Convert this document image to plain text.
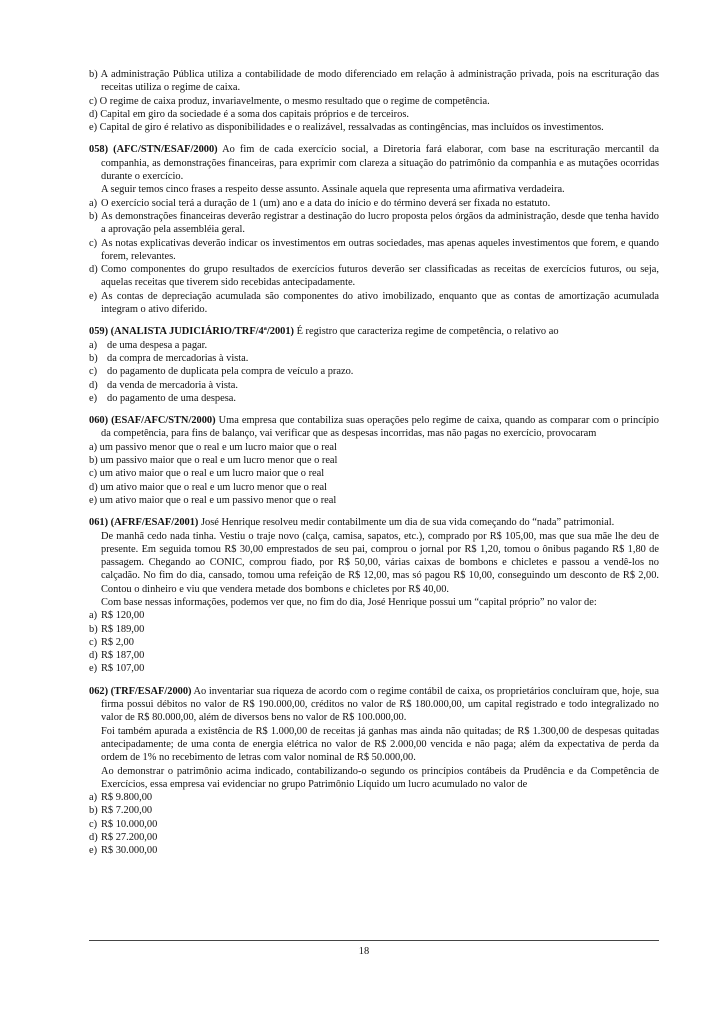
b) A administração Pública utiliza a contabilidade de modo diferenciado em relação à administração privada, pois na escrituração das receitas utiliza o regime de caixa.

c) O regime de caixa produz, invariavelmente, o mesmo resultado que o regime de competência.

d) Capital em giro da sociedade é a soma dos capitais próprios e de terceiros.

e) Capital de giro é relativo as disponibilidades e o realizável, ressalvadas as contingências, mas incluídos os investimentos.

058) (AFC/STN/ESAF/2000) Ao fim de cada exercício social, a Diretoria fará elaborar, com base na escrituração mercantil da companhia, as demonstrações financeiras, para exprimir com clareza a situação do patrimônio da companhia e as mutações ocorridas durante o exercício.

A seguir temos cinco frases a respeito desse assunto. Assinale aquela que representa uma afirmativa verdadeira.

a) O exercício social terá a duração de 1 (um) ano e a data do início e do término deverá ser fixada no estatuto.
b) As demonstrações financeiras deverão registrar a destinação do lucro proposta pelos órgãos da administração, desde que tenha havido a aprovação pela assembléia geral.
c) As notas explicativas deverão indicar os investimentos em outras sociedades, mas apenas aqueles investimentos que forem, e quando forem, relevantes.
d) Como componentes do grupo resultados de exercícios futuros deverão ser classificadas as receitas de exercícios futuros, ou seja, aquelas receitas que tiverem sido recebidas antecipadamente.
e) As contas de depreciação acumulada são componentes do ativo imobilizado, enquanto que as contas de amortização acumulada integram o ativo diferido.

059) (ANALISTA JUDICIÁRIO/TRF/4ª/2001) É registro que caracteriza regime de competência, o relativo ao

a) de uma despesa a pagar.
b) da compra de mercadorias à vista.
c) do pagamento de duplicata pela compra de veículo a prazo.
d) da venda de mercadoria à vista.
e) do pagamento de uma despesa.

060) (ESAF/AFC/STN/2000) Uma empresa que contabiliza suas operações pelo regime de caixa, quando as comparar com o princípio da competência, para fins de balanço, vai verificar que as despesas incorridas, mas não pagas no exercício, provocaram

a) um passivo menor que o real e um lucro maior que o real

b) um passivo maior que o real e um lucro menor que o real

c) um ativo maior que o real e um lucro maior que o real

d) um ativo maior que o real e um lucro menor que o real

e) um ativo maior que o real e um passivo menor que o real

061) (AFRF/ESAF/2001) José Henrique resolveu medir contabilmente um dia de sua vida começando do “nada” patrimonial.

De manhã cedo nada tinha. Vestiu o traje novo (calça, camisa, sapatos, etc.), comprado por R$ 105,00, mas que sua mãe lhe deu de presente. Em seguida tomou R$ 30,00 emprestados de seu pai, comprou o jornal por R$ 1,20, tomou o ônibus pagando R$ 1,80 de passagem. Chegando ao CONIC, comprou fiado, por R$ 50,00, várias caixas de bombons e chicletes e passou a vendê-los no calçadão. No fim do dia, cansado, tomou uma refeição de R$ 12,00, mas só pagou R$ 10,00, conseguindo um desconto de R$ 2,00. Contou o dinheiro e viu que vendera metade dos bombons e chicletes por R$ 40,00.

Com base nessas informações, podemos ver que, no fim do dia, José Henrique possui um “capital próprio” no valor de:

a) R$ 120,00
b) R$ 189,00
c) R$ 2,00
d) R$ 187,00
e) R$ 107,00

062) (TRF/ESAF/2000) Ao inventariar sua riqueza de acordo com o regime contábil de caixa, os proprietários concluíram que, hoje, sua firma possui débitos no valor de R$ 190.000,00, créditos no valor de R$ 180.000,00, um capital registrado e todo integralizado no valor de R$ 80.000,00, além de diversos bens no valor de R$ 100.000,00.

Foi também apurada a existência de R$ 1.000,00 de receitas já ganhas mas ainda não quitadas; de R$ 1.300,00 de despesas quitadas antecipadamente; de uma conta de energia elétrica no valor de R$ 2.000,00 vencida e não paga; além da expectativa de perda da ordem de 1% no recebimento de letras com valor nominal de R$ 50.000,00.

Ao demonstrar o patrimônio acima indicado, contabilizando-o segundo os princípios contábeis da Prudência e da Competência de Exercícios, essa empresa vai evidenciar no grupo Patrimônio Líquido um lucro acumulado no valor de

a) R$ 9.800,00
b) R$ 7.200,00
c) R$ 10.000,00
d) R$ 27.200,00
e) R$ 30.000,00
18
